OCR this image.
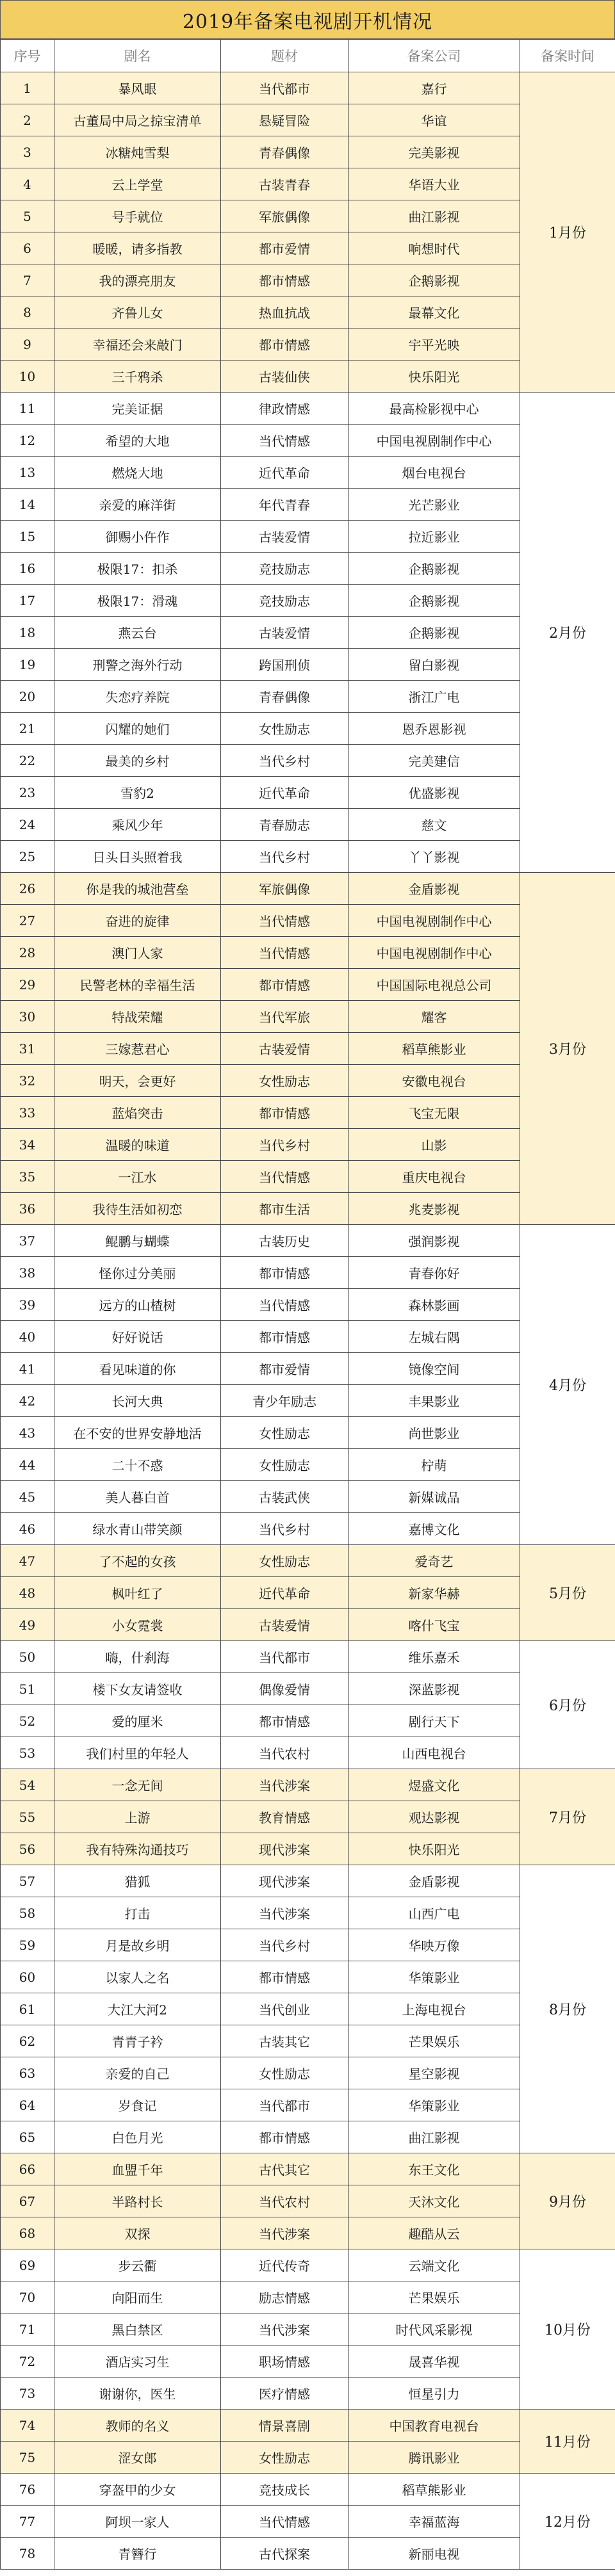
2019年备案电视剧开机情况
序号	剧名	题材	备案公司	备案时间
1	暴风眼	当代都市	嘉行	1月份
2	古董局中局之掠宝清单	悬疑冒险	华谊	
3	冰糖炖雪梨	青春偶像	完美影视	
4	云上学堂	古装青春	华语大业	
5	号手就位	军旅偶像	曲江影视	
6	暖暖，请多指教	都市爱情	响想时代	
7	我的漂亮朋友	都市情感	企鹅影视	
8	齐鲁儿女	热血抗战	最幕文化	
9	幸福还会来敲门	都市情感	宇平光映	
10	三千鸦杀	古装仙侠	快乐阳光	
11	完美证据	律政情感	最高检影视中心	2月份
12	希望的大地	当代情感	中国电视剧制作中心	
13	燃烧大地	近代革命	烟台电视台	
14	亲爱的麻洋街	年代青春	光芒影业	
15	御赐小仵作	古装爱情	拉近影业	
16	极限17：扣杀	竞技励志	企鹅影视	
17	极限17：滑魂	竞技励志	企鹅影视	
18	燕云台	古装爱情	企鹅影视	
19	刑警之海外行动	跨国刑侦	留白影视	
20	失恋疗养院	青春偶像	浙江广电	
21	闪耀的她们	女性励志	恩乔恩影视	
22	最美的乡村	当代乡村	完美建信	
23	雪豹2	近代革命	优盛影视	
24	乘风少年	青春励志	慈文	
25	日头日头照着我	当代乡村	丫丫影视	
26	你是我的城池营垒	军旅偶像	金盾影视	3月份
27	奋进的旋律	当代情感	中国电视剧制作中心	
28	澳门人家	当代情感	中国电视剧制作中心	
29	民警老林的幸福生活	都市情感	中国国际电视总公司	
30	特战荣耀	当代军旅	耀客	
31	三嫁惹君心	古装爱情	稻草熊影业	
32	明天，会更好	女性励志	安徽电视台	
33	蓝焰突击	都市情感	飞宝无限	
34	温暖的味道	当代乡村	山影	
35	一江水	当代情感	重庆电视台	
36	我待生活如初恋	都市生活	兆麦影视	
37	鲲鹏与蝴蝶	古装历史	强润影视	4月份
38	怪你过分美丽	都市情感	青春你好	
39	远方的山楂树	当代情感	森林影画	
40	好好说话	都市情感	左城右隅	
41	看见味道的你	都市爱情	镜像空间	
42	长河大典	青少年励志	丰果影业	
43	在不安的世界安静地活	女性励志	尚世影业	
44	二十不惑	女性励志	柠萌	
45	美人暮白首	古装武侠	新媒诚品	
46	绿水青山带笑颜	当代乡村	嘉博文化	
47	了不起的女孩	女性励志	爱奇艺	5月份
48	枫叶红了	近代革命	新家华赫	
49	小女霓裳	古装爱情	喀什飞宝	
50	嗨，什刹海	当代都市	维乐嘉禾	6月份
51	楼下女友请签收	偶像爱情	深蓝影视	
52	爱的厘米	都市情感	剧行天下	
53	我们村里的年轻人	当代农村	山西电视台	
54	一念无间	当代涉案	煜盛文化	7月份
55	上游	教育情感	观达影视	
56	我有特殊沟通技巧	现代涉案	快乐阳光	
57	猎狐	现代涉案	金盾影视	8月份
58	打击	当代涉案	山西广电	
59	月是故乡明	当代乡村	华映万像	
60	以家人之名	都市情感	华策影业	
61	大江大河2	当代创业	上海电视台	
62	青青子衿	古装其它	芒果娱乐	
63	亲爱的自己	女性励志	星空影视	
64	岁食记	当代都市	华策影业	
65	白色月光	都市情感	曲江影视	
66	血盟千年	古代其它	东王文化	9月份
67	半路村长	当代农村	天沐文化	
68	双探	当代涉案	趣酷从云	
69	步云衢	近代传奇	云端文化	10月份
70	向阳而生	励志情感	芒果娱乐	
71	黑白禁区	当代涉案	时代风采影视	
72	酒店实习生	职场情感	晟喜华视	
73	谢谢你，医生	医疗情感	恒星引力	
74	教师的名义	情景喜剧	中国教育电视台	11月份
75	涩女郎	女性励志	腾讯影业	
76	穿盔甲的少女	竞技成长	稻草熊影业	12月份
77	阿坝一家人	当代情感	幸福蓝海	
78	青簪行	古代探案	新丽电视	
